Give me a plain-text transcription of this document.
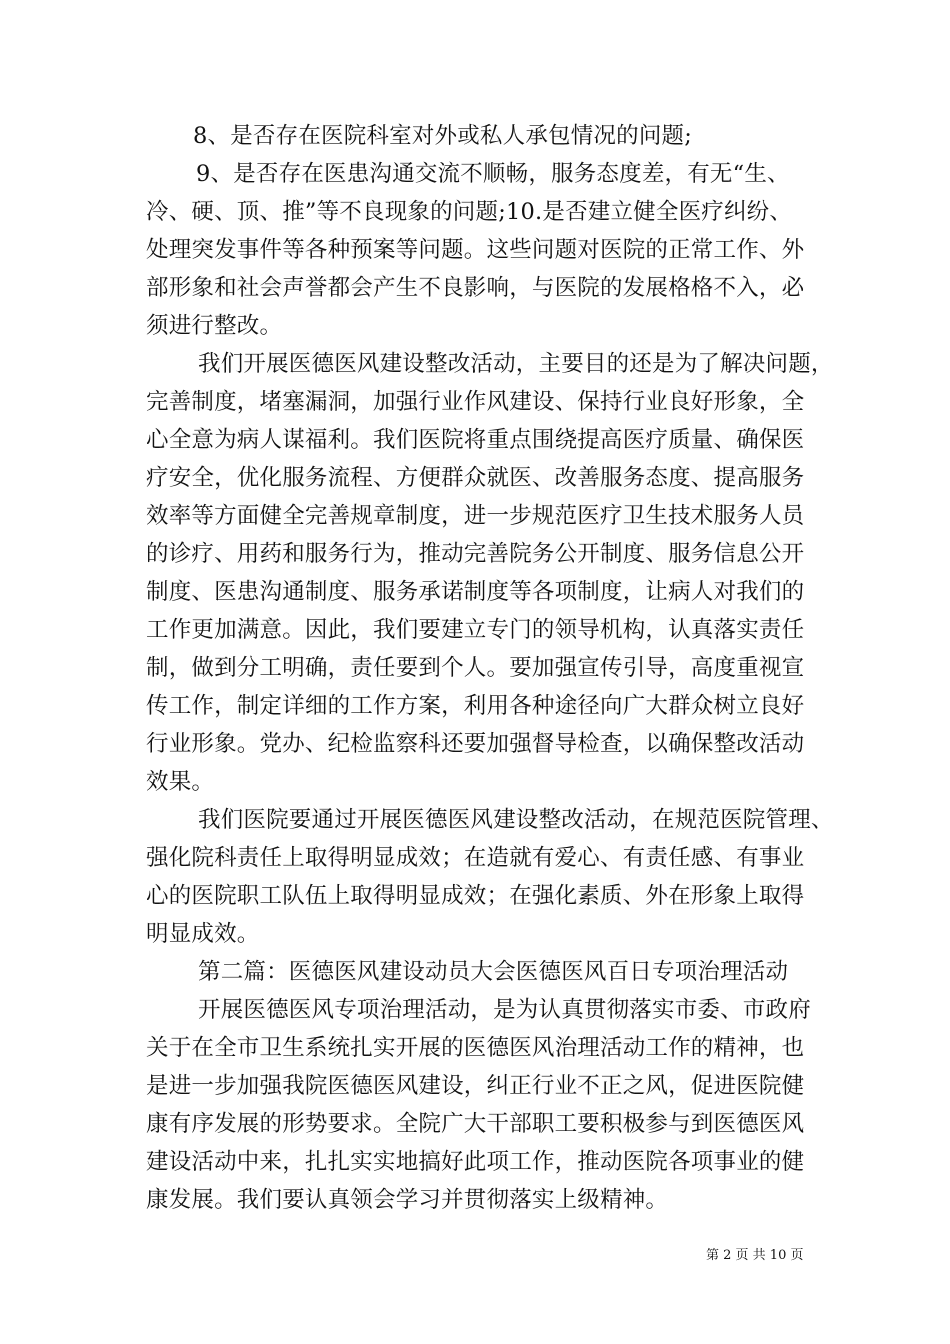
8、是否存在医院科室对外或私人承包情况的问题;
9、是否存在医患沟通交流不顺畅，服务态度差，有无“生、
冷、硬、顶、推”等不良现象的问题;10.是否建立健全医疗纠纷、
处理突发事件等各种预案等问题。这些问题对医院的正常工作、外
部形象和社会声誉都会产生不良影响，与医院的发展格格不入，必
须进行整改。
我们开展医德医风建设整改活动，主要目的还是为了解决问题，
完善制度，堵塞漏洞，加强行业作风建设、保持行业良好形象，全
心全意为病人谋福利。我们医院将重点围绕提高医疗质量、确保医
疗安全，优化服务流程、方便群众就医、改善服务态度、提高服务
效率等方面健全完善规章制度，进一步规范医疗卫生技术服务人员
的诊疗、用药和服务行为，推动完善院务公开制度、服务信息公开
制度、医患沟通制度、服务承诺制度等各项制度，让病人对我们的
工作更加满意。因此，我们要建立专门的领导机构，认真落实责任
制，做到分工明确，责任要到个人。要加强宣传引导，高度重视宣
传工作，制定详细的工作方案，利用各种途径向广大群众树立良好
行业形象。党办、纪检监察科还要加强督导检查，以确保整改活动
效果。
我们医院要通过开展医德医风建设整改活动，在规范医院管理、
强化院科责任上取得明显成效；在造就有爱心、有责任感、有事业
心的医院职工队伍上取得明显成效；在强化素质、外在形象上取得
明显成效。
第二篇：医德医风建设动员大会医德医风百日专项治理活动
开展医德医风专项治理活动，是为认真贯彻落实市委、市政府
关于在全市卫生系统扎实开展的医德医风治理活动工作的精神，也
是进一步加强我院医德医风建设，纠正行业不正之风，促进医院健
康有序发展的形势要求。全院广大干部职工要积极参与到医德医风
建设活动中来，扎扎实实地搞好此项工作，推动医院各项事业的健
康发展。我们要认真领会学习并贯彻落实上级精神。
第 2 页 共 10 页
